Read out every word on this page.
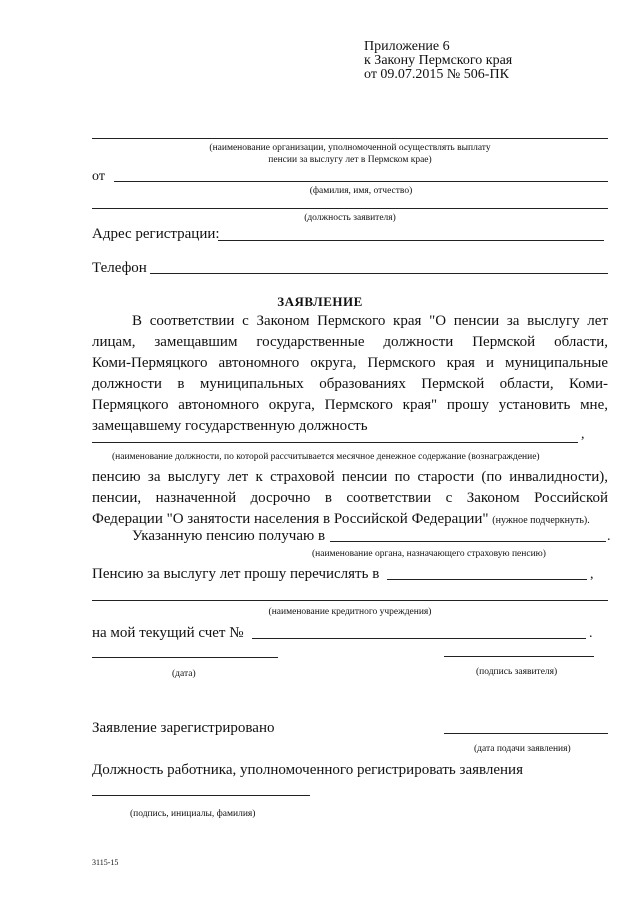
Приложение 6
к Закону Пермского края
от 09.07.2015 № 506-ПК
(наименование организации, уполномоченной осуществлять выплату
пенсии за выслугу лет в Пермском крае)
от
(фамилия, имя, отчество)
(должность заявителя)
Адрес регистрации:
Телефон
ЗАЯВЛЕНИЕ
В соответствии с Законом Пермского края "О пенсии за выслугу лет
лицам, замещавшим государственные должности Пермской области,
Коми-Пермяцкого автономного округа, Пермского края и муниципальные
должности в муниципальных образованиях Пермской области, Коми-
Пермяцкого автономного округа, Пермского края" прошу установить мне,
замещавшему государственную должность
,
(наименование должности, по которой рассчитывается месячное денежное содержание (вознаграждение)
пенсию за выслугу лет к страховой пенсии по старости (по инвалидности),
пенсии, назначенной досрочно в соответствии с Законом Российской
Федерации "О занятости населения в Российской Федерации" (нужное подчеркнуть).
Указанную пенсию получаю в	.
(наименование органа, назначающего страховую пенсию)
Пенсию за выслугу лет прошу перечислять в	,
(наименование кредитного учреждения)
на мой текущий счет №	.
(дата)	(подпись заявителя)
Заявление зарегистрировано
(дата подачи заявления)
Должность работника, уполномоченного регистрировать заявления
(подпись, инициалы, фамилия)
3115-15
